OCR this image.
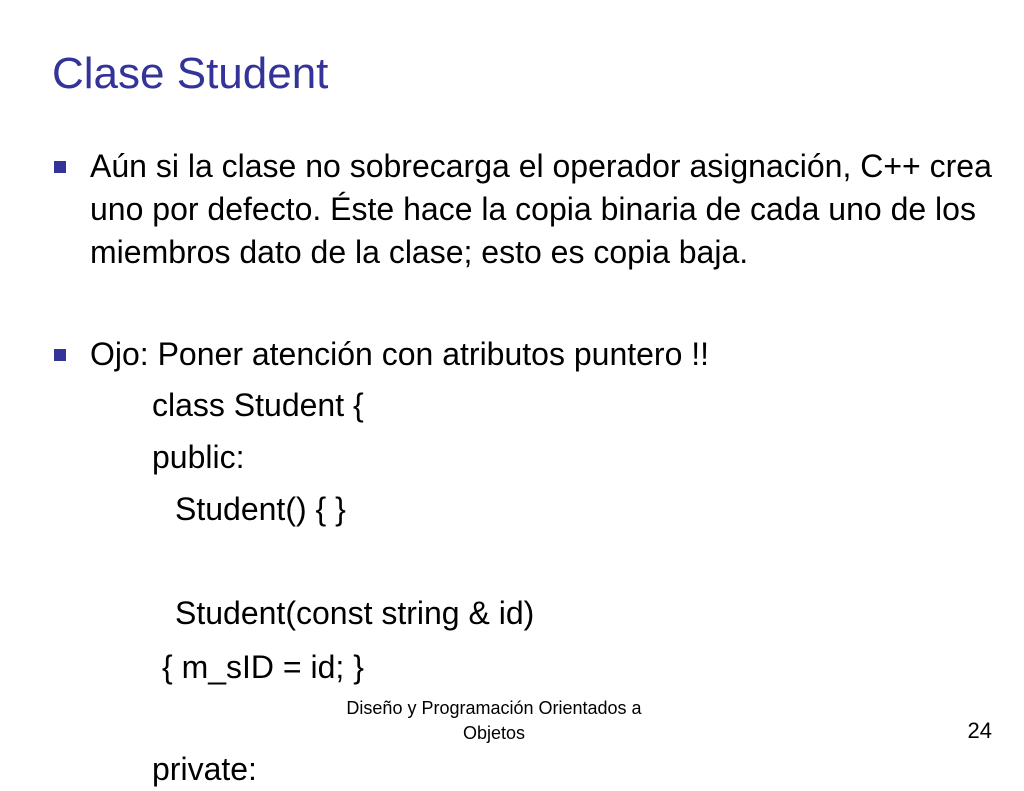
Clase Student
Aún si la clase no sobrecarga el operador asignación, C++ crea uno por defecto. Éste hace la copia binaria de cada uno de los miembros dato de la clase; esto es copia baja.
Ojo: Poner atención con atributos puntero !!
class Student {
public:
Student() { }
Student(const string & id)
{ m_sID = id; }
private:
Diseño y Programación Orientados a
Objetos	24
